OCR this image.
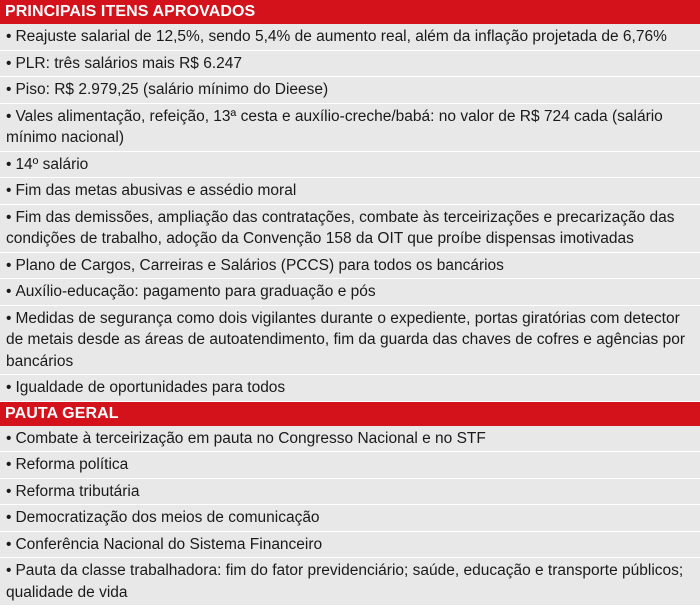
PRINCIPAIS ITENS APROVADOS
• Reajuste salarial de 12,5%, sendo 5,4% de aumento real, além da inflação projetada de 6,76%
• PLR: três salários mais R$ 6.247
• Piso: R$ 2.979,25 (salário mínimo do Dieese)
• Vales alimentação, refeição, 13ª cesta e auxílio-creche/babá: no valor de R$ 724 cada (salário mínimo nacional)
• 14º salário
• Fim das metas abusivas e assédio moral
• Fim das demissões, ampliação das contratações, combate às terceirizações e precarização das condições de trabalho, adoção da Convenção 158 da OIT que proíbe dispensas imotivadas
• Plano de Cargos, Carreiras e Salários (PCCS) para todos os bancários
• Auxílio-educação: pagamento para graduação e pós
• Medidas de segurança como dois vigilantes durante o expediente, portas giratórias com detector de metais desde as áreas de autoatendimento, fim da guarda das chaves de cofres e agências por bancários
• Igualdade de oportunidades para todos
PAUTA GERAL
• Combate à terceirização em pauta no Congresso Nacional e no STF
• Reforma política
• Reforma tributária
• Democratização dos meios de comunicação
• Conferência Nacional do Sistema Financeiro
• Pauta da classe trabalhadora: fim do fator previdenciário; saúde, educação e transporte públicos; qualidade de vida
